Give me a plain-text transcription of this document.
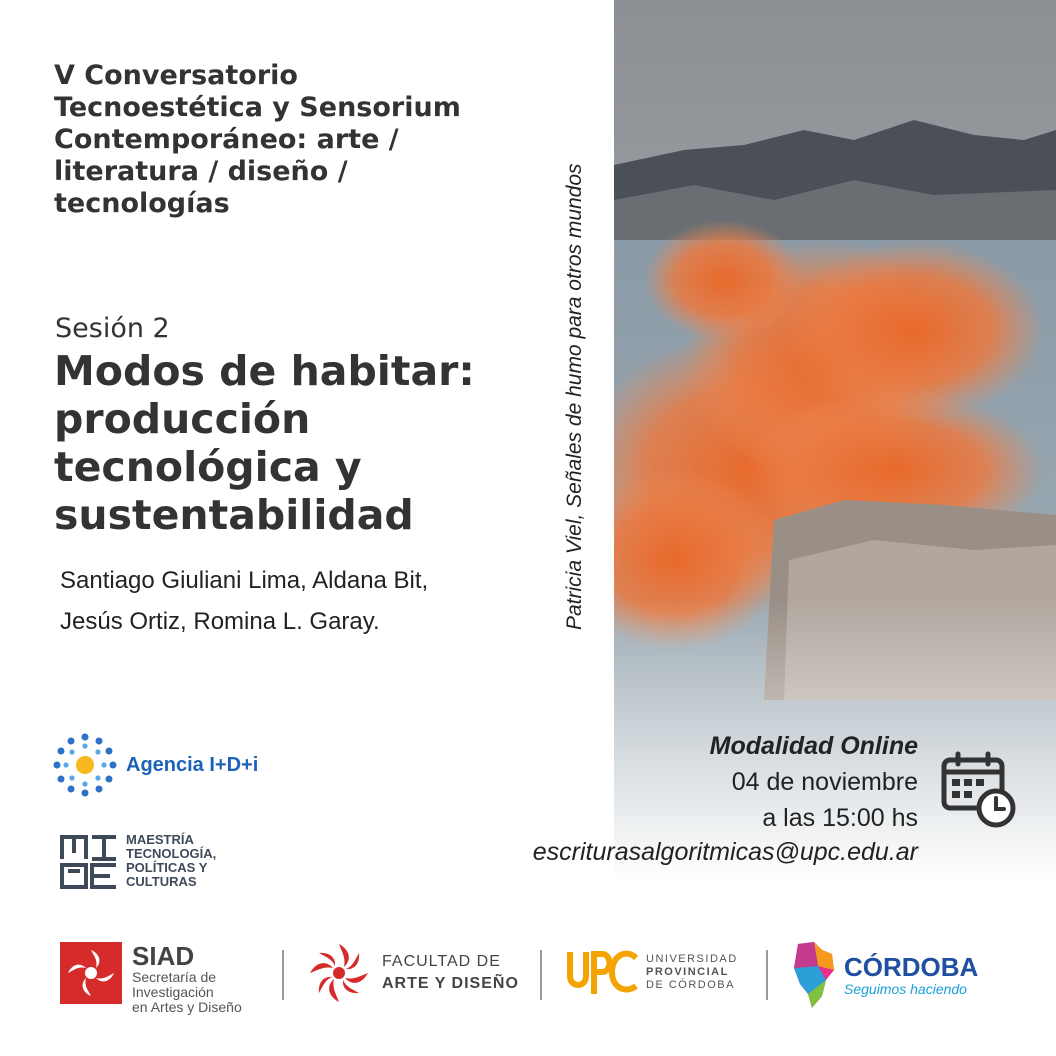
V Conversatorio
Tecnoestética y Sensorium
Contemporáneo: arte /
literatura / diseño /
tecnologías
Sesión 2
Modos de habitar:
producción
tecnológica y
sustentabilidad
Santiago Giuliani Lima, Aldana Bit,
Jesús Ortiz, Romina L. Garay.	Patricia Viel, Señales de humo para otros mundos
Agencia I+D+i
MAESTRÍA
TECNOLOGÍA,
POLÍTICAS Y
CULTURAS
Modalidad Online
04 de noviembre
a las 15:00 hs
escriturasalgoritmicas@upc.edu.ar
SIAD
Secretaría de
Investigación
en Artes y Diseño
FACULTAD DE
ARTE Y DISEÑO
UNIVERSIDAD
PROVINCIAL
DE CÓRDOBA
CÓRDOBA
Seguimos haciendo
